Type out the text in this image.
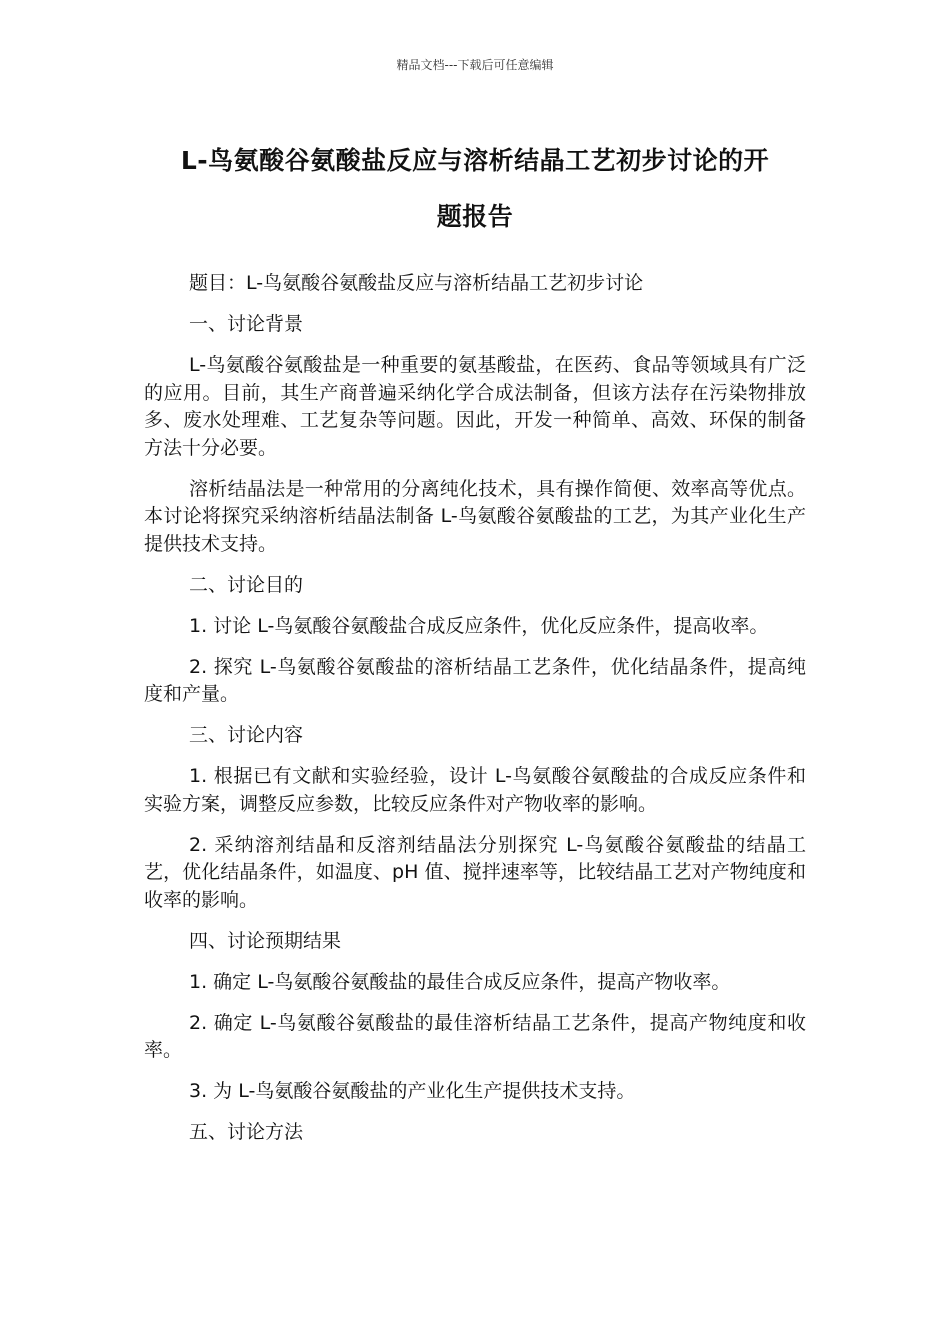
精品文档---下载后可任意编辑
L-鸟氨酸谷氨酸盐反应与溶析结晶工艺初步讨论的开
题报告

题目：L-鸟氨酸谷氨酸盐反应与溶析结晶工艺初步讨论

一、讨论背景

L-鸟氨酸谷氨酸盐是一种重要的氨基酸盐，在医药、食品等领域具有广泛的应用。目前，其生产商普遍采纳化学合成法制备，但该方法存在污染物排放多、废水处理难、工艺复杂等问题。因此，开发一种简单、高效、环保的制备方法十分必要。

溶析结晶法是一种常用的分离纯化技术，具有操作简便、效率高等优点。本讨论将探究采纳溶析结晶法制备 L-鸟氨酸谷氨酸盐的工艺，为其产业化生产提供技术支持。

二、讨论目的

1. 讨论 L-鸟氨酸谷氨酸盐合成反应条件，优化反应条件，提高收率。

2. 探究 L-鸟氨酸谷氨酸盐的溶析结晶工艺条件，优化结晶条件，提高纯度和产量。

三、讨论内容

1. 根据已有文献和实验经验，设计 L-鸟氨酸谷氨酸盐的合成反应条件和实验方案，调整反应参数，比较反应条件对产物收率的影响。

2. 采纳溶剂结晶和反溶剂结晶法分别探究 L-鸟氨酸谷氨酸盐的结晶工艺，优化结晶条件，如温度、pH 值、搅拌速率等，比较结晶工艺对产物纯度和收率的影响。

四、讨论预期结果

1. 确定 L-鸟氨酸谷氨酸盐的最佳合成反应条件，提高产物收率。

2. 确定 L-鸟氨酸谷氨酸盐的最佳溶析结晶工艺条件，提高产物纯度和收率。

3. 为 L-鸟氨酸谷氨酸盐的产业化生产提供技术支持。

五、讨论方法
